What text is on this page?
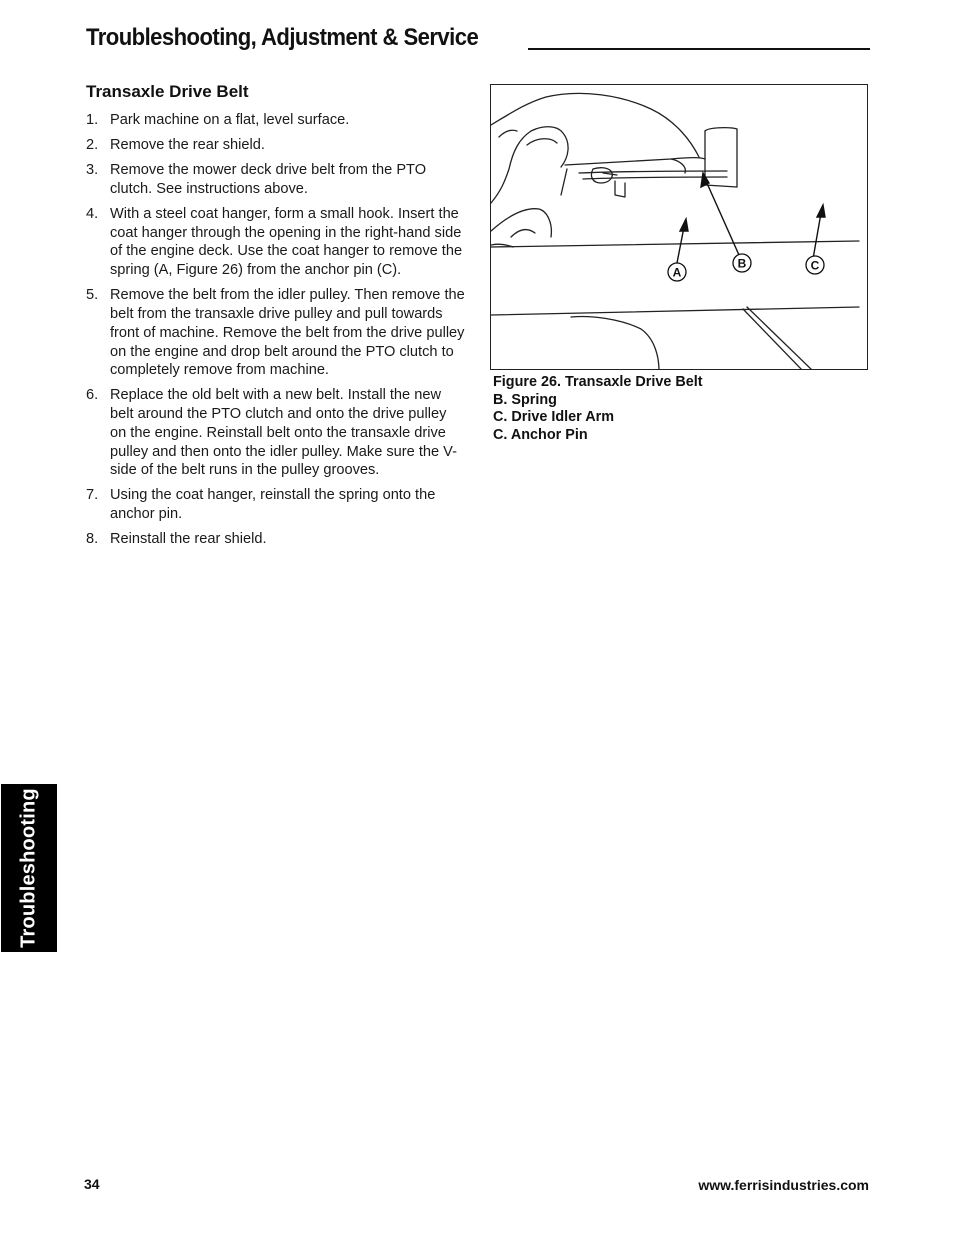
Troubleshooting, Adjustment & Service
Transaxle Drive Belt
1. Park machine on a flat, level surface.
2. Remove the rear shield.
3. Remove the mower deck drive belt from the PTO clutch. See instructions above.
4. With a steel coat hanger, form a small hook. Insert the coat hanger through the opening in the right-hand side of the engine deck. Use the coat hanger to remove the spring (A, Figure 26) from the anchor pin (C).
5. Remove the belt from the idler pulley. Then remove the belt from the transaxle drive pulley and pull towards front of machine. Remove the belt from the drive pulley on the engine and drop belt around the PTO clutch to completely remove from machine.
6. Replace the old belt with a new belt. Install the new belt around the PTO clutch and onto the drive pulley on the engine. Reinstall belt onto the transaxle drive pulley and then onto the idler pulley. Make sure the V-side of the belt runs in the pulley grooves.
7. Using the coat hanger, reinstall the spring onto the anchor pin.
8. Reinstall the rear shield.
A
B	C
Figure 26. Transaxle Drive Belt
B. Spring
C. Drive Idler Arm
C. Anchor Pin
Troubleshooting
34	www.ferrisindustries.com
